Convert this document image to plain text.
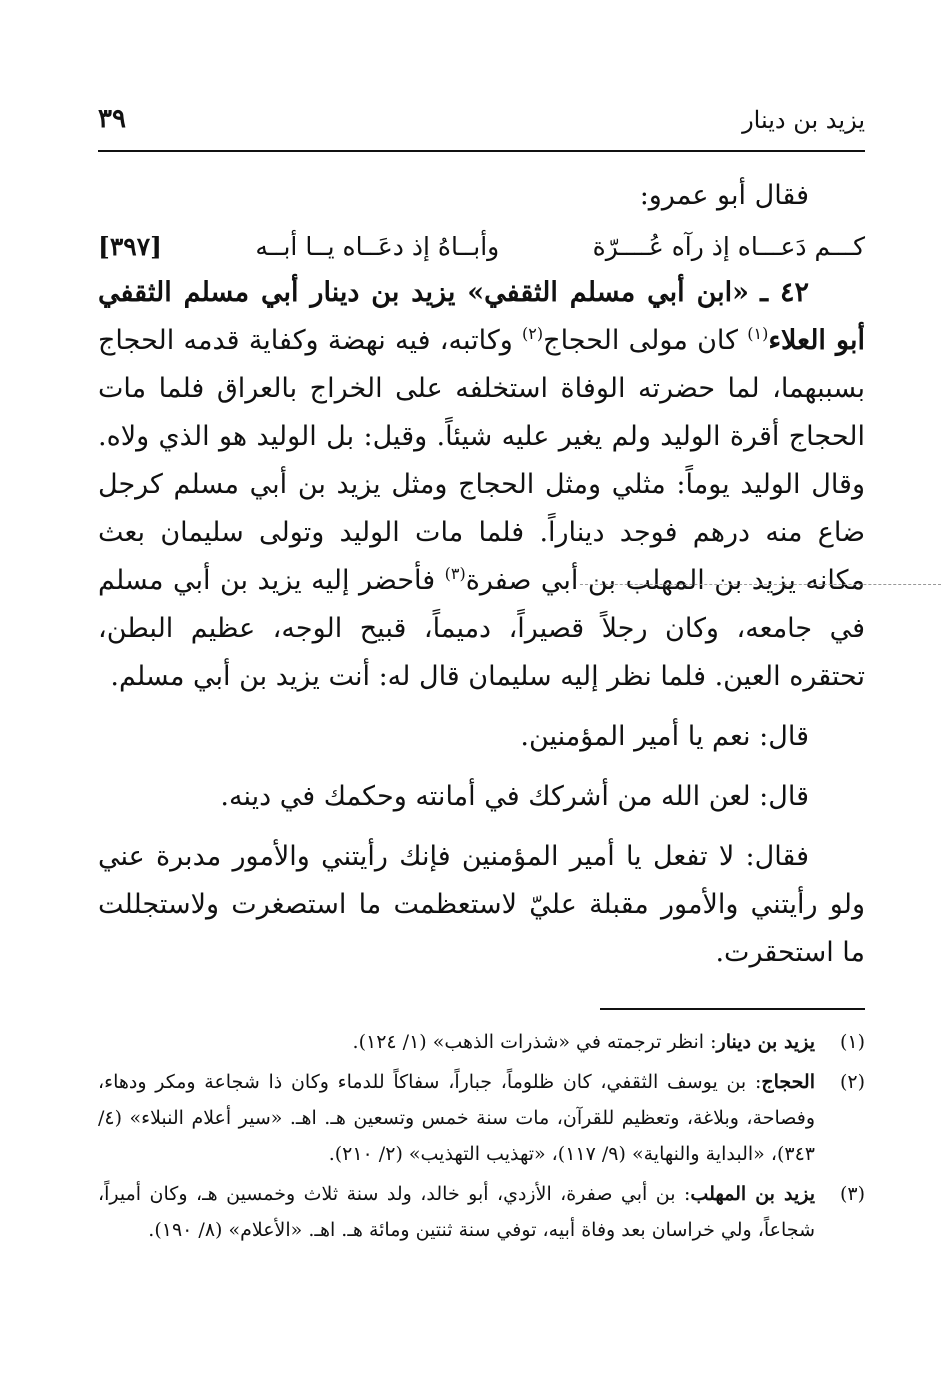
يزيد بن دينار
٣٩

فقال أبو عمرو:

كـــم دَعـــاه إذ رآه عُــــرّة
وأبــاهُ إذ دعَــاه يــا أبــه
[٣٩٧]

٤٢ ـ «ابن أبي مسلم الثقفي» يزيد بن دينار أبي مسلم الثقفي أبو العلاء$^{(١)}$ كان مولى الحجاج$^{(٢)}$ وكاتبه، فيه نهضة وكفاية قدمه الحجاج بسببهما، لما حضرته الوفاة استخلفه على الخراج بالعراق فلما مات الحجاج أقرة الوليد ولم يغير عليه شيئاً. وقيل: بل الوليد هو الذي ولاه. وقال الوليد يوماً: مثلي ومثل الحجاج ومثل يزيد بن أبي مسلم كرجل ضاع منه درهم فوجد ديناراً. فلما مات الوليد وتولى سليمان بعث مكانه يزيد بن المهلب بن أبي صفرة$^{(٣)}$ فأحضر إليه يزيد بن أبي مسلم في جامعه، وكان رجلاً قصيراً، دميماً، قبيح الوجه، عظيم البطن، تحتقره العين. فلما نظر إليه سليمان قال له: أنت يزيد بن أبي مسلم.

قال: نعم يا أمير المؤمنين.

قال: لعن الله من أشركك في أمانته وحكمك في دينه.

فقال: لا تفعل يا أمير المؤمنين فإنك رأيتني والأمور مدبرة عني ولو رأيتني والأمور مقبلة عليّ لاستعظمت ما استصغرت ولاستجللت ما استحقرت.

(١)
يزيد بن دينار: انظر ترجمته في «شذرات الذهب» (١/ ١٢٤).
(٢)
الحجاج: بن يوسف الثقفي، كان ظلوماً، جباراً، سفاكاً للدماء وكان ذا شجاعة ومكر ودهاء، وفصاحة، وبلاغة، وتعظيم للقرآن، مات سنة خمس وتسعين هـ. اهـ. «سير أعلام النبلاء» (٤/ ٣٤٣)، «البداية والنهاية» (٩/ ١١٧)، «تهذيب التهذيب» (٢/ ٢١٠).
(٣)
يزيد بن المهلب: بن أبي صفرة، الأزدي، أبو خالد، ولد سنة ثلاث وخمسين هـ، وكان أميراً، شجاعاً، ولي خراسان بعد وفاة أبيه، توفي سنة ثنتين ومائة هـ. اهـ. «الأعلام» (٨/ ١٩٠).
